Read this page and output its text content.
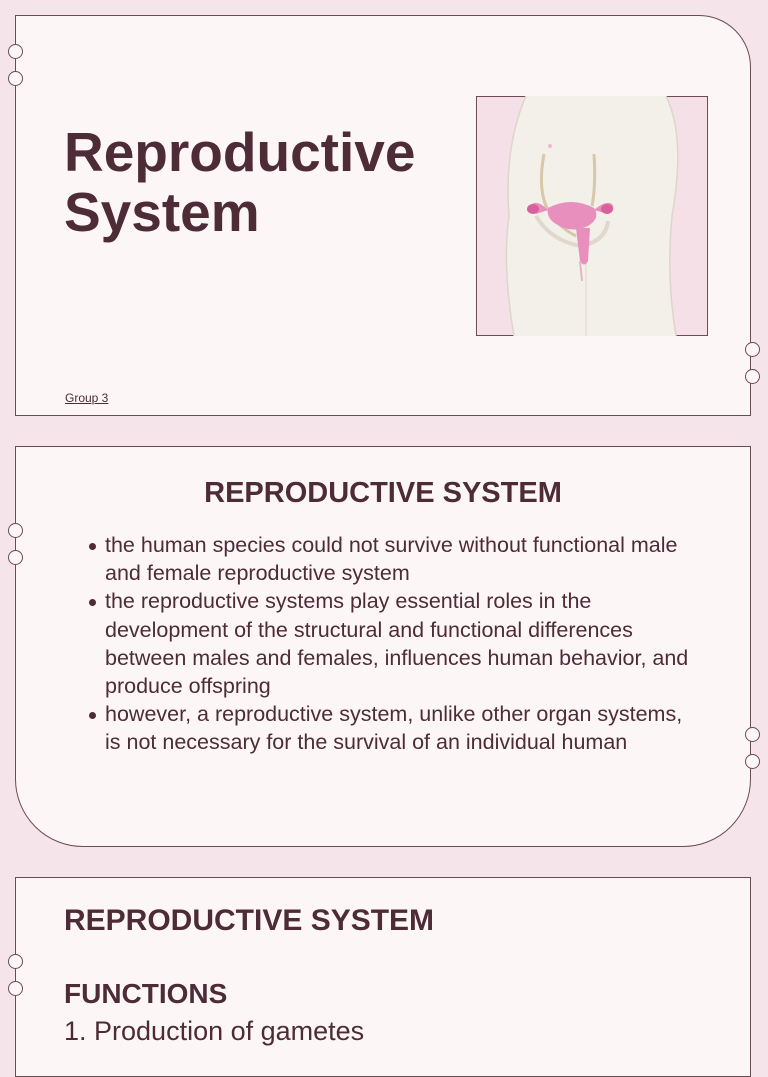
Reproductive
System
Group 3
REPRODUCTIVE SYSTEM
the human species could not survive without functional male and female reproductive system
the reproductive systems play essential roles in the development of the structural and functional differences between males and females, influences human behavior, and produce offspring
however, a reproductive system, unlike other organ systems, is not necessary for the survival of an individual human
REPRODUCTIVE SYSTEM
FUNCTIONS

1. Production of gametes
